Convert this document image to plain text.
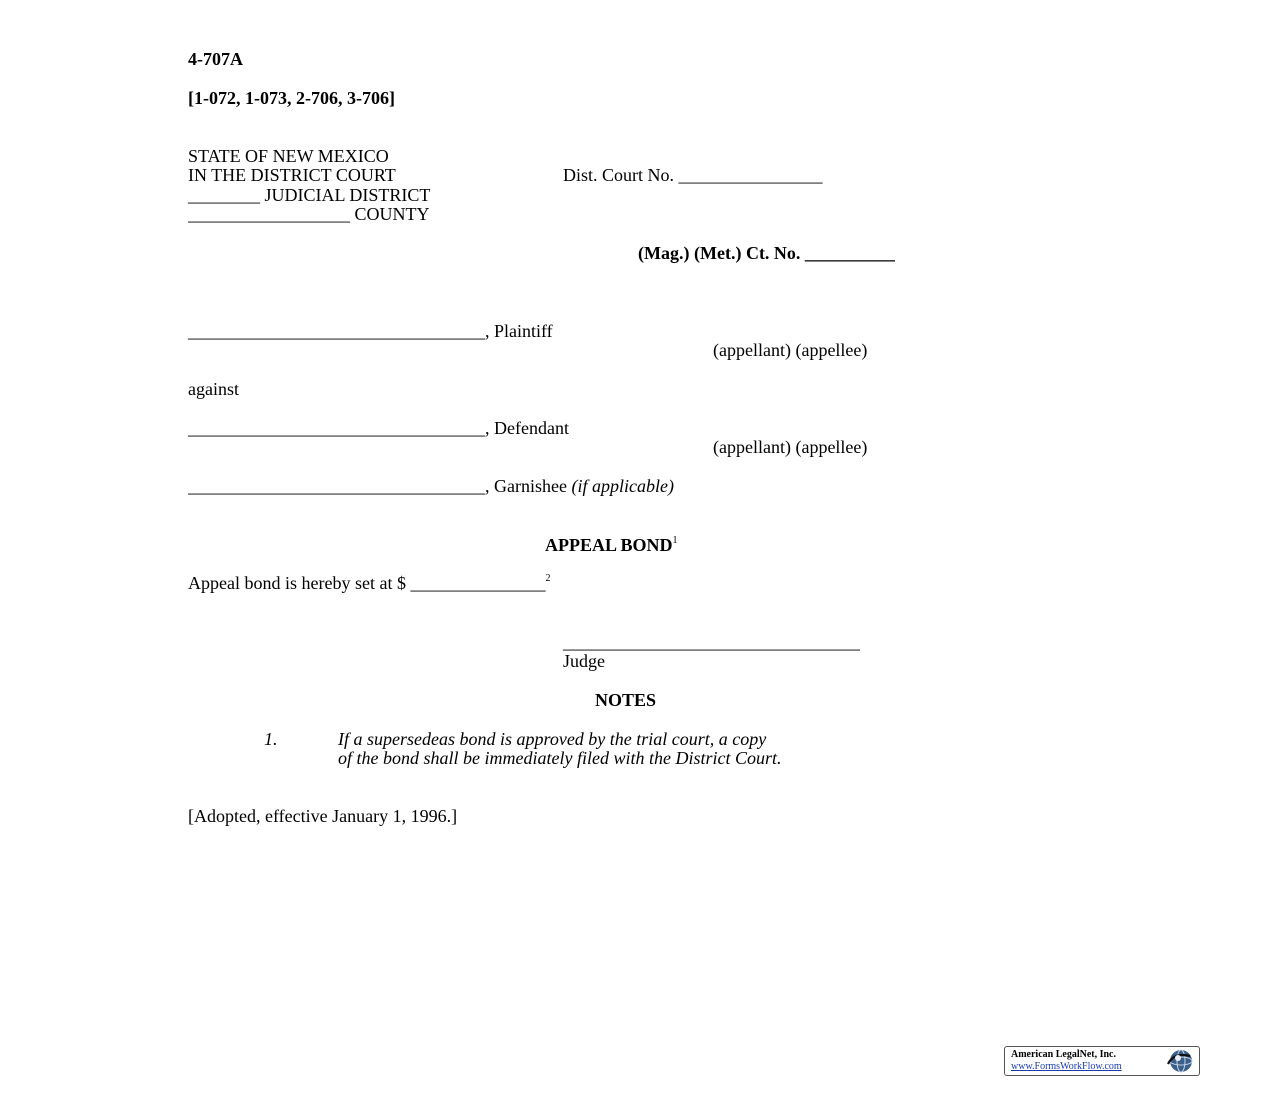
4-707A
[1-072, 1-073, 2-706, 3-706]
STATE OF NEW MEXICO
IN THE DISTRICT COURT	Dist. Court No. ________________
________ JUDICIAL DISTRICT
__________________ COUNTY
(Mag.) (Met.) Ct. No. __________
_________________________________, Plaintiff
(appellant) (appellee)
against
_________________________________, Defendant
(appellant) (appellee)
_________________________________, Garnishee (if applicable)
APPEAL BOND$^1$
Appeal bond is hereby set at $ _______________$^2$
_________________________________
Judge
NOTES
1.	If a supersedeas bond is approved by the trial court, a copy
of the bond shall be immediately filed with the District Court.
[Adopted, effective January 1, 1996.]
American LegalNet, Inc.
www.FormsWorkFlow.com
